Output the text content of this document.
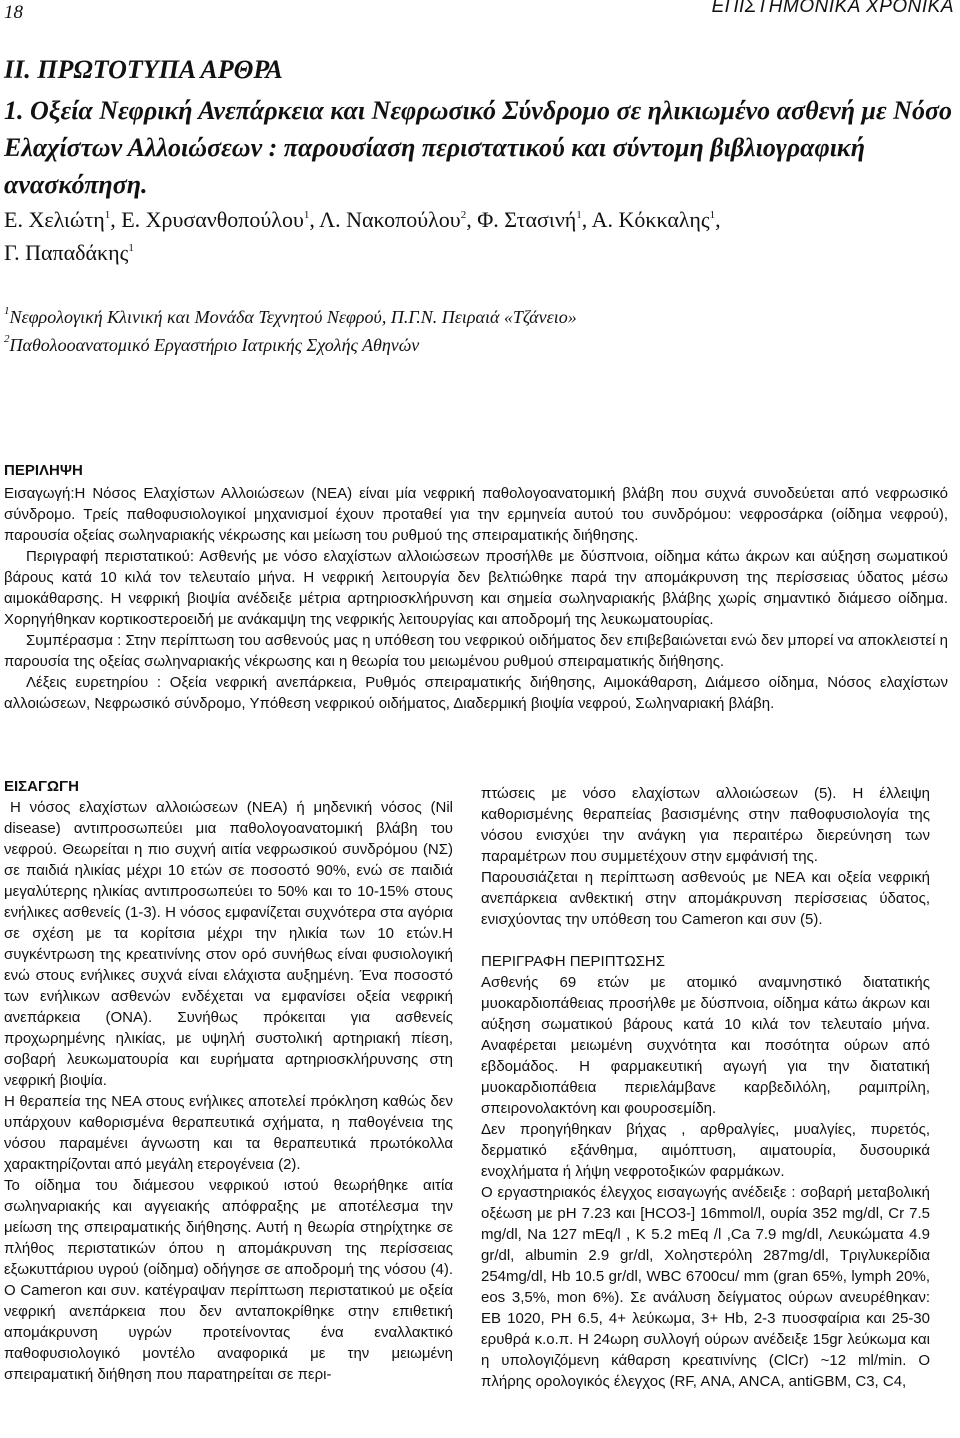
18	ΕΠΙΣΤΗΜΟΝΙΚΑ ΧΡΟΝΙΚΑ
ΙΙ. ΠΡΩΤΟΤΥΠΑ ΑΡΘΡΑ
1. Οξεία Νεφρική Ανεπάρκεια και Νεφρωσικό Σύνδρομο σε ηλικιωμένο ασθενή με Νόσο Ελαχίστων Αλλοιώσεων : παρουσίαση περιστατικού και σύντομη βιβλιογραφική ανασκόπηση.
Ε. Χελιώτη$^1$, Ε. Χρυσανθοπούλου$^1$, Λ. Νακοπούλου$^2$, Φ. Στασινή$^1$, Α. Κόκκαλης$^1$,
Γ. Παπαδάκης$^1$
$^1$Νεφρολογική Κλινική και Μονάδα Τεχνητού Νεφρού, Π.Γ.Ν. Πειραιά «Τζάνειο»
$^2$Παθολοοανατομικό Εργαστήριο Ιατρικής Σχολής Αθηνών
ΠΕΡΙΛΗΨΗ

Εισαγωγή:Η Νόσος Ελαχίστων Αλλοιώσεων (ΝΕΑ) είναι μία νεφρική παθολογοανατομική βλάβη που συχνά συνοδεύεται από νεφρωσικό σύνδρομο. Τρείς παθοφυσιολογικοί μηχανισμοί έχουν προταθεί για την ερμηνεία αυτού του συνδρόμου: νεφροσάρκα (οίδημα νεφρού), παρουσία οξείας σωληναριακής νέκρωσης και μείωση του ρυθμού της σπειραματικής διήθησης.

Περιγραφή περιστατικού: Ασθενής με νόσο ελαχίστων αλλοιώσεων προσήλθε με δύσπνοια, οίδημα κάτω άκρων και αύξηση σωματικού βάρους κατά 10 κιλά τον τελευταίο μήνα. Η νεφρική λειτουργία δεν βελτιώθηκε παρά την απομάκρυνση της περίσσειας ύδατος μέσω αιμοκάθαρσης. Η νεφρική βιοψία ανέδειξε μέτρια αρτηριοσκλήρυνση και σημεία σωληναριακής βλάβης χωρίς σημαντικό διάμεσο οίδημα. Χορηγήθηκαν κορτικοστεροειδή με ανάκαμψη της νεφρικής λειτουργίας και αποδρομή της λευκωματουρίας.

Συμπέρασμα : Στην περίπτωση του ασθενούς μας η υπόθεση του νεφρικού οιδήματος δεν επιβεβαιώνεται ενώ δεν μπορεί να αποκλειστεί η παρουσία της οξείας σωληναριακής νέκρωσης και η θεωρία του μειωμένου ρυθμού σπειραματικής διήθησης.

Λέξεις ευρετηρίου : Οξεία νεφρική ανεπάρκεια, Ρυθμός σπειραματικής διήθησης, Αιμοκάθαρση, Διάμεσο οίδημα, Νόσος ελαχίστων αλλοιώσεων, Νεφρωσικό σύνδρομο, Υπόθεση νεφρικού οιδήματος, Διαδερμική βιοψία νεφρού, Σωληναριακή βλάβη.

ΕΙΣΑΓΩΓΗ

Η νόσος ελαχίστων αλλοιώσεων (ΝΕΑ) ή μηδενική νόσος (Nil disease) αντιπροσωπεύει μια παθολογοανατομική βλάβη του νεφρού. Θεωρείται η πιο συχνή αιτία νεφρωσικού συνδρόμου (ΝΣ) σε παιδιά ηλικίας μέχρι 10 ετών σε ποσοστό 90%, ενώ σε παιδιά μεγαλύτερης ηλικίας αντιπροσωπεύει το 50% και το 10-15% στους ενήλικες ασθενείς (1-3). Η νόσος εμφανίζεται συχνότερα στα αγόρια σε σχέση με τα κορίτσια μέχρι την ηλικία των 10 ετών.Η συγκέντρωση της κρεατινίνης στον ορό συνήθως είναι φυσιολογική ενώ στους ενήλικες συχνά είναι ελάχιστα αυξημένη. Ένα ποσοστό των ενήλικων ασθενών ενδέχεται να εμφανίσει οξεία νεφρική ανεπάρκεια (ΟΝΑ). Συνήθως πρόκειται για ασθενείς προχωρημένης ηλικίας, με υψηλή συστολική αρτηριακή πίεση, σοβαρή λευκωματουρία και ευρήματα αρτηριοσκλήρυνσης στη νεφρική βιοψία.

Η θεραπεία της ΝΕΑ στους ενήλικες αποτελεί πρόκληση καθώς δεν υπάρχουν καθορισμένα θεραπευτικά σχήματα, η παθογένεια της νόσου παραμένει άγνωστη και τα θεραπευτικά πρωτόκολλα χαρακτηρίζονται από μεγάλη ετερογένεια (2).

Το οίδημα του διάμεσου νεφρικού ιστού θεωρήθηκε αιτία σωληναριακής και αγγειακής απόφραξης με αποτέλεσμα την μείωση της σπειραματικής διήθησης. Αυτή η θεωρία στηρίχτηκε σε πλήθος περιστατικών όπου η απομάκρυνση της περίσσειας εξωκυττάριου υγρού (οίδημα) οδήγησε σε αποδρομή της νόσου (4). Ο Cameron και συν. κατέγραψαν περίπτωση περιστατικού με οξεία νεφρική ανεπάρκεια που δεν ανταποκρίθηκε στην επιθετική απομάκρυνση υγρών προτείνοντας ένα εναλλακτικό παθοφυσιολογικό μοντέλο αναφορικά με την μειωμένη σπειραματική διήθηση που παρατηρείται σε περι-

πτώσεις με νόσο ελαχίστων αλλοιώσεων (5). Η έλλειψη καθορισμένης θεραπείας βασισμένης στην παθοφυσιολογία της νόσου ενισχύει την ανάγκη για περαιτέρω διερεύνηση των παραμέτρων που συμμετέχουν στην εμφάνισή της.

Παρουσιάζεται η περίπτωση ασθενούς με ΝΕΑ και οξεία νεφρική ανεπάρκεια ανθεκτική στην απομάκρυνση περίσσειας ύδατος, ενισχύοντας την υπόθεση του Cameron και συν (5).

ΠΕΡΙΓΡΑΦΗ ΠΕΡΙΠΤΩΣΗΣ

Ασθενής 69 ετών με ατομικό αναμνηστικό διατατικής μυοκαρδιοπάθειας προσήλθε με δύσπνοια, οίδημα κάτω άκρων και αύξηση σωματικού βάρους κατά 10 κιλά τον τελευταίο μήνα. Αναφέρεται μειωμένη συχνότητα και ποσότητα ούρων από εβδομάδος. Η φαρμακευτική αγωγή για την διατατική μυοκαρδιοπάθεια περιελάμβανε καρβεδιλόλη, ραμιπρίλη, σπειρονολακτόνη και φουροσεμίδη.

Δεν προηγήθηκαν βήχας , αρθραλγίες, μυαλγίες, πυρετός, δερματικό εξάνθημα, αιμόπτυση, αιματουρία, δυσουρικά ενοχλήματα ή λήψη νεφροτοξικών φαρμάκων.

Ο εργαστηριακός έλεγχος εισαγωγής ανέδειξε : σοβαρή μεταβολική οξέωση με pH 7.23 και [HCO3-] 16mmol/l, ουρία 352 mg/dl, Cr 7.5 mg/dl, Na 127 mEq/l , K 5.2 mEq /l ,Ca 7.9 mg/dl, Λευκώματα 4.9 gr/dl, albumin 2.9 gr/dl, Χοληστερόλη 287mg/dl, Τριγλυκερίδια 254mg/dl, Hb 10.5 gr/dl, WBC 6700cu/ mm (gran 65%, lymph 20%, eos 3,5%, mon 6%). Σε ανάλυση δείγματος ούρων ανευρέθηκαν: ΕΒ 1020, PH 6.5, 4+ λεύκωμα, 3+ Hb, 2-3 πυοσφαίρια και 25-30 ερυθρά κ.ο.π. Η 24ωρη συλλογή ούρων ανέδειξε 15gr λεύκωμα και η υπολογιζόμενη κάθαρση κρεατινίνης (ClCr) ~12 ml/min. Ο πλήρης ορολογικός έλεγχος (RF, ANA, ANCA, antiGBM, C3, C4,
